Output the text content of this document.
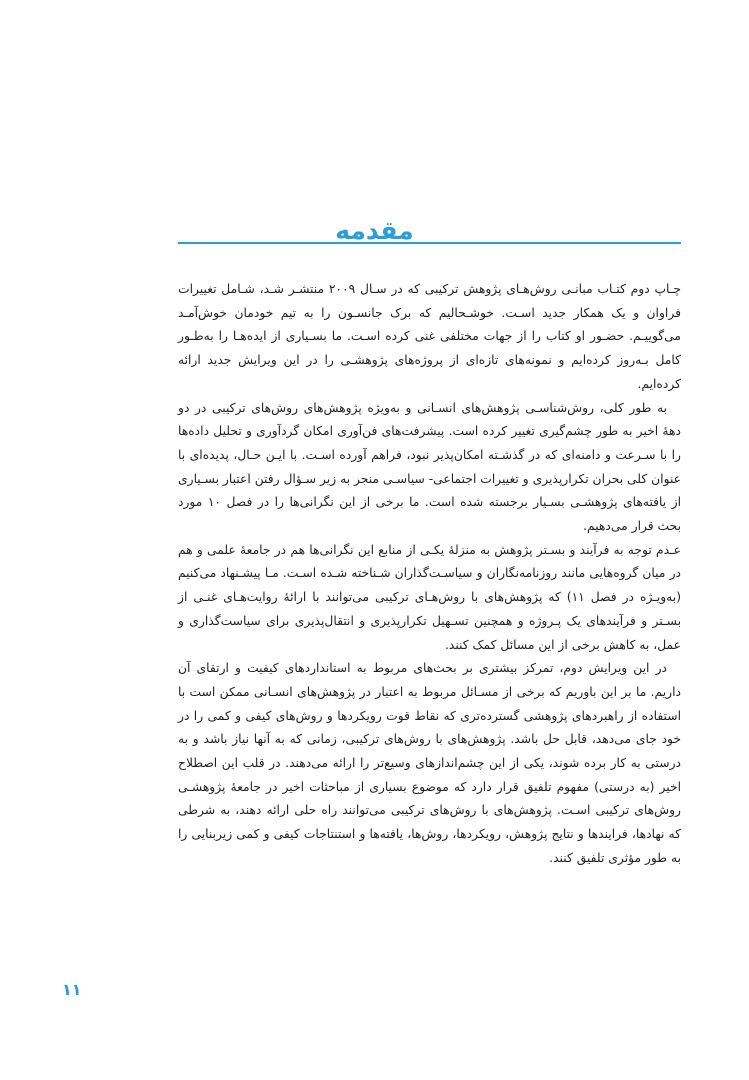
مقدمه

چـاپ دوم کتـاب مبانـی روش‌هـای پژوهش ترکیبی که در سـال ۲۰۰۹ منتشـر شـد، شـامل تغییرات فراوان و یک همکار جدید اسـت. خوشـحالیم که برک جانسـون را به تیم خودمان خوش‌آمـد می‌گوییـم. حضـور او کتاب را از جهات مختلفی غنی کرده اسـت. ما بسـیاری از ایده‌هـا را به‌طـور کامل بـه‌روز کرده‌ایم و نمونه‌های تازه‌ای از پروژه‌های پژوهشـی را در این ویرایش جدید ارائه کرده‌ایم.

به طور کلی، روش‌شناسـی پژوهش‌های انسـانی و به‌ویژه پژوهش‌های روش‌های ترکیبی در دو دهۀ اخیر به طور چشم‌گیری تغییر کرده است. پیشرفت‌های فن‌آوری امکان گردآوری و تحلیل داده‌ها را با سـرعت و دامنه‌ای که در گذشـته امکان‌پذیر نبود، فراهم آورده اسـت. با ایـن حـال، پدیده‌ای با عنوان کلی بحران تکرارپذیری و تغییرات اجتماعی- سیاسـی منجر به زیر سـؤال رفتن اعتبار بسـیاری از یافته‌های پژوهشـی بسـیار برجسته شده است. ما برخی از این نگرانی‌ها را در فصل ۱۰ مورد بحث قرار می‌دهیم.

عـدم توجه به فرآیند و بسـتر پژوهش به منزلۀ یکـی از منابع این نگرانی‌ها هم در جامعۀ علمی و هم در میان گروه‌هایی مانند روزنامه‌نگاران و سیاسـت‌گذاران شـناخته شـده اسـت. مـا پیشـنهاد می‌کنیم (به‌ویـژه در فصل ۱۱) که پژوهش‌های با روش‌هـای ترکیبی می‌توانند با ارائۀ روایت‌هـای غنـی از بسـتر و فرآیندهای یک پـروژه و همچنین تسـهیل تکرارپذیری و انتقال‌پذیری برای سیاست‌گذاری و عمل، به کاهش برخی از این مسائل کمک کنند.

در این ویرایش دوم، تمرکز بیشتری بر بحث‌های مربوط به استانداردهای کیفیت و ارتقای آن داریم. ما بر این باوریم که برخی از مسـائل مربوط به اعتبار در پژوهش‌های انسـانی ممکن است با استفاده از راهبردهای پژوهشی گسترده‌تری که نقاط قوت رویکردها و روش‌های کیفی و کمی را در خود جای می‌دهد، قابل حل باشد. پژوهش‌های با روش‌های ترکیبی، زمانی که به آنها نیاز باشد و به درستی به کار برده شوند، یکی از این چشم‌اندازهای وسیع‌تر را ارائه می‌دهند. در قلب این اصطلاح اخیر (به درستی) مفهوم تلفیق قرار دارد که موضوع بسیاری از مباحثات اخیر در جامعۀ پژوهشـی روش‌های ترکیبی اسـت. پژوهش‌های با روش‌های ترکیبی می‌توانند راه حلی ارائه دهند، به شرطی که نهادها، فرایندها و نتایج پژوهش، رویکردها، روش‌ها، یافته‌ها و استنتاجات کیفی و کمی زیربنایی را به طور مؤثری تلفیق کنند.

۱۱
